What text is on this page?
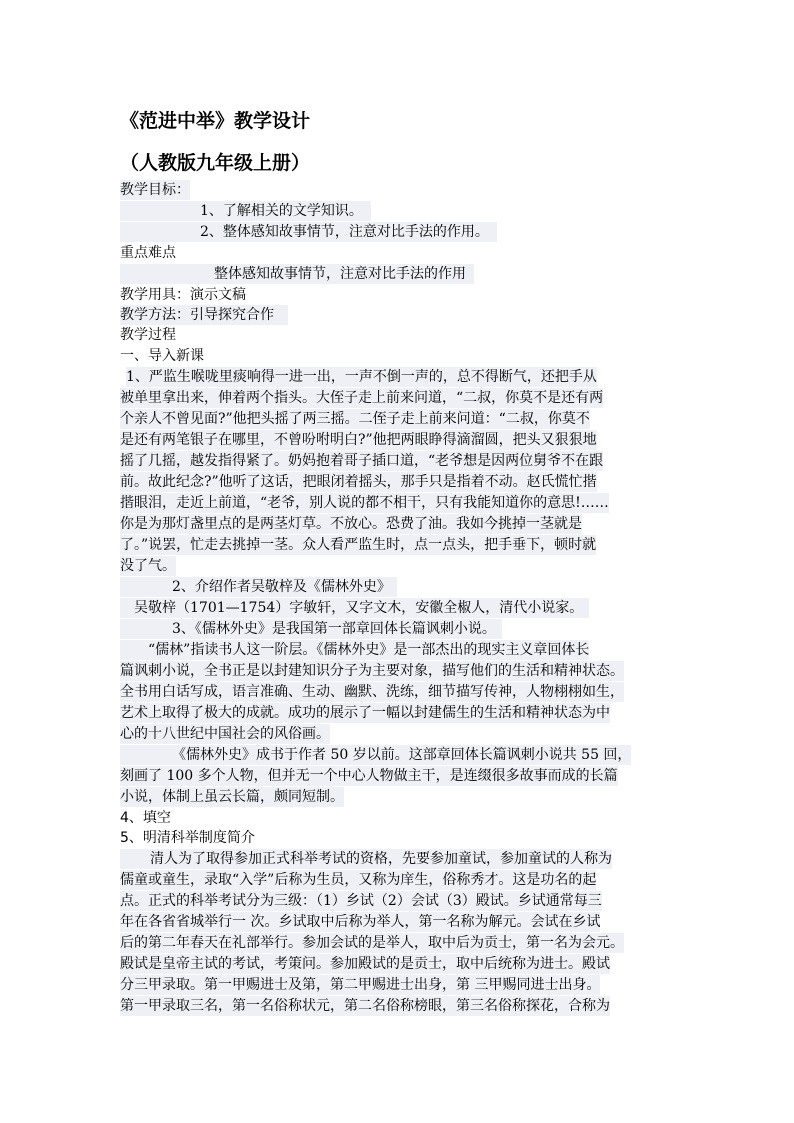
《范进中举》教学设计
（人教版九年级上册）
教学目标：
1、了解相关的文学知识。
2、整体感知故事情节，注意对比手法的作用。
重点难点
整体感知故事情节，注意对比手法的作用
教学用具：演示文稿
教学方法：引导探究合作
教学过程
一、导入新课
1、严监生喉咙里痰响得一进一出，一声不倒一声的，总不得断气，还把手从
被单里拿出来，伸着两个指头。大侄子走上前来问道，“二叔，你莫不是还有两
个亲人不曾见面?”他把头摇了两三摇。二侄子走上前来问道：“二叔，你莫不
是还有两笔银子在哪里，不曾吩咐明白?”他把两眼睁得滴溜圆，把头又狠狠地
摇了几摇，越发指得紧了。奶妈抱着哥子插口道，“老爷想是因两位舅爷不在跟
前。故此纪念?”他听了这话，把眼闭着摇头，那手只是指着不动。赵氏慌忙揩
揩眼泪，走近上前道，“老爷，别人说的都不相干，只有我能知道你的意思!……
你是为那灯盏里点的是两茎灯草。不放心。恐费了油。我如今挑掉一茎就是
了。”说罢，忙走去挑掉一茎。众人看严监生时，点一点头，把手垂下，顿时就
没了气。
2、介绍作者吴敬梓及《儒林外史》
吴敬梓（1701—1754）字敏轩，又字文木，安徽全椒人，清代小说家。
3、《儒林外史》是我国第一部章回体长篇讽刺小说。
“儒林”指读书人这一阶层。《儒林外史》是一部杰出的现实主义章回体长
篇讽刺小说，全书正是以封建知识分子为主要对象，描写他们的生活和精神状态。
全书用白话写成，语言准确、生动、幽默、洗练，细节描写传神，人物栩栩如生，
艺术上取得了极大的成就。成功的展示了一幅以封建儒生的生活和精神状态为中
心的十八世纪中国社会的风俗画。
《儒林外史》成书于作者 50 岁以前。这部章回体长篇讽刺小说共 55 回，
刻画了 100 多个人物，但并无一个中心人物做主干，是连缀很多故事而成的长篇
小说，体制上虽云长篇，颇同短制。
4、填空
5、明清科举制度简介
清人为了取得参加正式科举考试的资格，先要参加童试，参加童试的人称为
儒童或童生，录取“入学”后称为生员，又称为庠生，俗称秀才。这是功名的起
点。正式的科举考试分为三级：（1）乡试（2）会试（3）殿试。乡试通常每三
年在各省省城举行一 次。乡试取中后称为举人，第一名称为解元。会试在乡试
后的第二年春天在礼部举行。参加会试的是举人，取中后为贡士，第一名为会元。
殿试是皇帝主试的考试，考策问。参加殿试的是贡士，取中后统称为进士。殿试
分三甲录取。第一甲赐进士及第，第二甲赐进士出身，第 三甲赐同进士出身。
第一甲录取三名，第一名俗称状元，第二名俗称榜眼，第三名俗称探花，合称为
